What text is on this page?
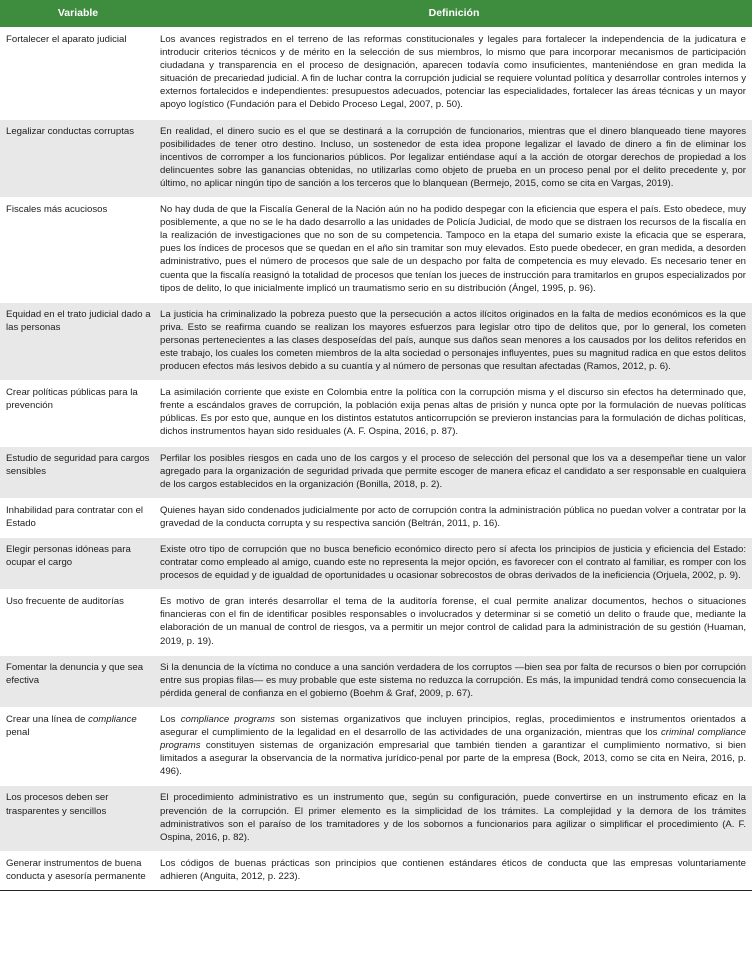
Variable	Definición
Fortalecer el aparato judicial	Los avances registrados en el terreno de las reformas constitucionales y legales para fortalecer la independencia de la judicatura e introducir criterios técnicos y de mérito en la selección de sus miembros, lo mismo que para incorporar mecanismos de participación ciudadana y transparencia en el proceso de designación, aparecen todavía como insuficientes, manteniéndose en gran medida la situación de precariedad judicial. A fin de luchar contra la corrupción judicial se requiere voluntad política y desarrollar controles internos y externos fortalecidos e independientes: presupuestos adecuados, potenciar las especialidades, fortalecer las áreas técnicas y un mayor apoyo logístico (Fundación para el Debido Proceso Legal, 2007, p. 50).
Legalizar conductas corruptas	En realidad, el dinero sucio es el que se destinará a la corrupción de funcionarios, mientras que el dinero blanqueado tiene mayores posibilidades de tener otro destino. Incluso, un sostenedor de esta idea propone legalizar el lavado de dinero a fin de eliminar los incentivos de corromper a los funcionarios públicos. Por legalizar entiéndase aquí a la acción de otorgar derechos de propiedad a los delincuentes sobre las ganancias obtenidas, no utilizarlas como objeto de prueba en un proceso penal por el delito precedente y, por último, no aplicar ningún tipo de sanción a los terceros que lo blanquean (Bermejo, 2015, como se cita en Vargas, 2019).
Fiscales más acuciosos	No hay duda de que la Fiscalía General de la Nación aún no ha podido despegar con la eficiencia que espera el país. Esto obedece, muy posiblemente, a que no se le ha dado desarrollo a las unidades de Policía Judicial, de modo que se distraen los recursos de la fiscalía en la realización de investigaciones que no son de su competencia. Tampoco en la etapa del sumario existe la eficacia que se esperara, pues los índices de procesos que se quedan en el año sin tramitar son muy elevados. Esto puede obedecer, en gran medida, a desorden administrativo, pues el número de procesos que sale de un despacho por falta de competencia es muy elevado. Es necesario tener en cuenta que la fiscalía reasignó la totalidad de procesos que tenían los jueces de instrucción para tramitarlos en grupos especializados por tipos de delito, lo que inicialmente implicó un traumatismo serio en su distribución (Ángel, 1995, p. 96).
Equidad en el trato judicial dado a las personas	La justicia ha criminalizado la pobreza puesto que la persecución a actos ilícitos originados en la falta de medios económicos es la que priva. Esto se reafirma cuando se realizan los mayores esfuerzos para legislar otro tipo de delitos que, por lo general, los cometen personas pertenecientes a las clases desposeídas del país, aunque sus daños sean menores a los causados por los delitos referidos en este trabajo, los cuales los cometen miembros de la alta sociedad o personajes influyentes, pues su magnitud radica en que estos delitos producen efectos más lesivos debido a su cuantía y al número de personas que resultan afectadas (Ramos, 2012, p. 6).
Crear políticas públicas para la prevención	La asimilación corriente que existe en Colombia entre la política con la corrupción misma y el discurso sin efectos ha determinado que, frente a escándalos graves de corrupción, la población exija penas altas de prisión y nunca opte por la formulación de nuevas políticas públicas. Es por esto que, aunque en los distintos estatutos anticorrupción se previeron instancias para la formulación de dichas políticas, dichos instrumentos hayan sido residuales (A. F. Ospina, 2016, p. 87).
Estudio de seguridad para cargos sensibles	Perfilar los posibles riesgos en cada uno de los cargos y el proceso de selección del personal que los va a desempeñar tiene un valor agregado para la organización de seguridad privada que permite escoger de manera eficaz el candidato a ser responsable en cualquiera de los cargos establecidos en la organización (Bonilla, 2018, p. 2).
Inhabilidad para contratar con el Estado	Quienes hayan sido condenados judicialmente por acto de corrupción contra la administración pública no puedan volver a contratar por la gravedad de la conducta corrupta y su respectiva sanción (Beltrán, 2011, p. 16).
Elegir personas idóneas para ocupar el cargo	Existe otro tipo de corrupción que no busca beneficio económico directo pero sí afecta los principios de justicia y eficiencia del Estado: contratar como empleado al amigo, cuando este no representa la mejor opción, es favorecer con el contrato al familiar, es romper con los procesos de equidad y de igualdad de oportunidades u ocasionar sobrecostos de obras derivados de la ineficiencia (Orjuela, 2002, p. 9).
Uso frecuente de auditorías	Es motivo de gran interés desarrollar el tema de la auditoría forense, el cual permite analizar documentos, hechos o situaciones financieras con el fin de identificar posibles responsables o involucrados y determinar si se cometió un delito o fraude que, mediante la elaboración de un manual de control de riesgos, va a permitir un mejor control de calidad para la administración de su gestión (Huaman, 2019, p. 19).
Fomentar la denuncia y que sea efectiva	Si la denuncia de la víctima no conduce a una sanción verdadera de los corruptos —bien sea por falta de recursos o bien por corrupción entre sus propias filas— es muy probable que este sistema no reduzca la corrupción. Es más, la impunidad tendrá como consecuencia la pérdida general de confianza en el gobierno (Boehm & Graf, 2009, p. 67).
Crear una línea de compliance penal	Los compliance programs son sistemas organizativos que incluyen principios, reglas, procedimientos e instrumentos orientados a asegurar el cumplimiento de la legalidad en el desarrollo de las actividades de una organización, mientras que los criminal compliance programs constituyen sistemas de organización empresarial que también tienden a garantizar el cumplimiento normativo, si bien limitados a asegurar la observancia de la normativa jurídico-penal por parte de la empresa (Bock, 2013, como se cita en Neira, 2016, p. 496).
Los procesos deben ser trasparentes y sencillos	El procedimiento administrativo es un instrumento que, según su configuración, puede convertirse en un instrumento eficaz en la prevención de la corrupción. El primer elemento es la simplicidad de los trámites. La complejidad y la demora de los trámites administrativos son el paraíso de los tramitadores y de los sobornos a funcionarios para agilizar o simplificar el procedimiento (A. F. Ospina, 2016, p. 82).
Generar instrumentos de buena conducta y asesoría permanente	Los códigos de buenas prácticas son principios que contienen estándares éticos de conducta que las empresas voluntariamente adhieren (Anguita, 2012, p. 223).
